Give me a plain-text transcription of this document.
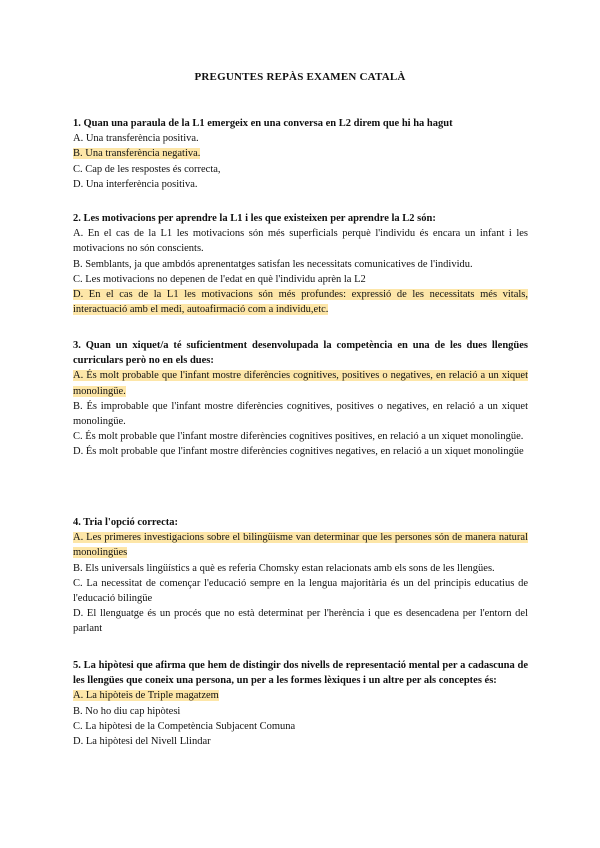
PREGUNTES REPÀS EXAMEN CATALÀ

1. Quan una paraula de la L1 emergeix en una conversa en L2 direm que hi ha hagut

A. Una transferència positiva.

B. Una transferència negativa.

C. Cap de les respostes és correcta,

D. Una interferència positiva.

2. Les motivacions per aprendre la L1 i les que existeixen per aprendre la L2 són:

A. En el cas de la L1 les motivacions són més superficials perquè l'individu és encara un infant i les motivacions no són conscients.

B. Semblants, ja que ambdós aprenentatges satisfan les necessitats comunicatives de l'individu.

C. Les motivacions no depenen de l'edat en què l'individu aprèn la L2

D. En el cas de la L1 les motivacions són més profundes: expressió de les necessitats més vitals, interactuació amb el medi, autoafirmació com a individu,etc.

3. Quan un xiquet/a té suficientment desenvolupada la competència en una de les dues llengües curriculars però no en els dues:

A. És molt probable que l'infant mostre diferències cognitives, positives o negatives, en relació a un xiquet monolingüe.

B. És improbable que l'infant mostre diferències cognitives, positives o negatives, en relació a un xiquet monolingüe.

C. És molt probable que l'infant mostre diferències cognitives positives, en relació a un xiquet monolingüe.

D. És molt probable que l'infant mostre diferències cognitives negatives, en relació a un xiquet monolingüe

4. Tria l'opció correcta:

A. Les primeres investigacions sobre el bilingüisme van determinar que les persones són de manera natural monolingües

B. Els universals lingüístics a què es referia Chomsky estan relacionats amb els sons de les llengües.

C. La necessitat de començar l'educació sempre en la lengua majoritària és un del principis educatius de l'educació bilingüe

D. El llenguatge és un procés que no està determinat per l'herència i que es desencadena per l'entorn del parlant

5. La hipòtesi que afirma que hem de distingir dos nivells de representació mental per a cadascuna de les llengües que coneix una persona, un per a les formes lèxiques i un altre per als conceptes és:

A. La hipòteis de Triple magatzem

B. No ho diu cap hipòtesi

C. La hipòtesi de la Competència Subjacent Comuna

D. La hipòtesi del Nivell Llindar
